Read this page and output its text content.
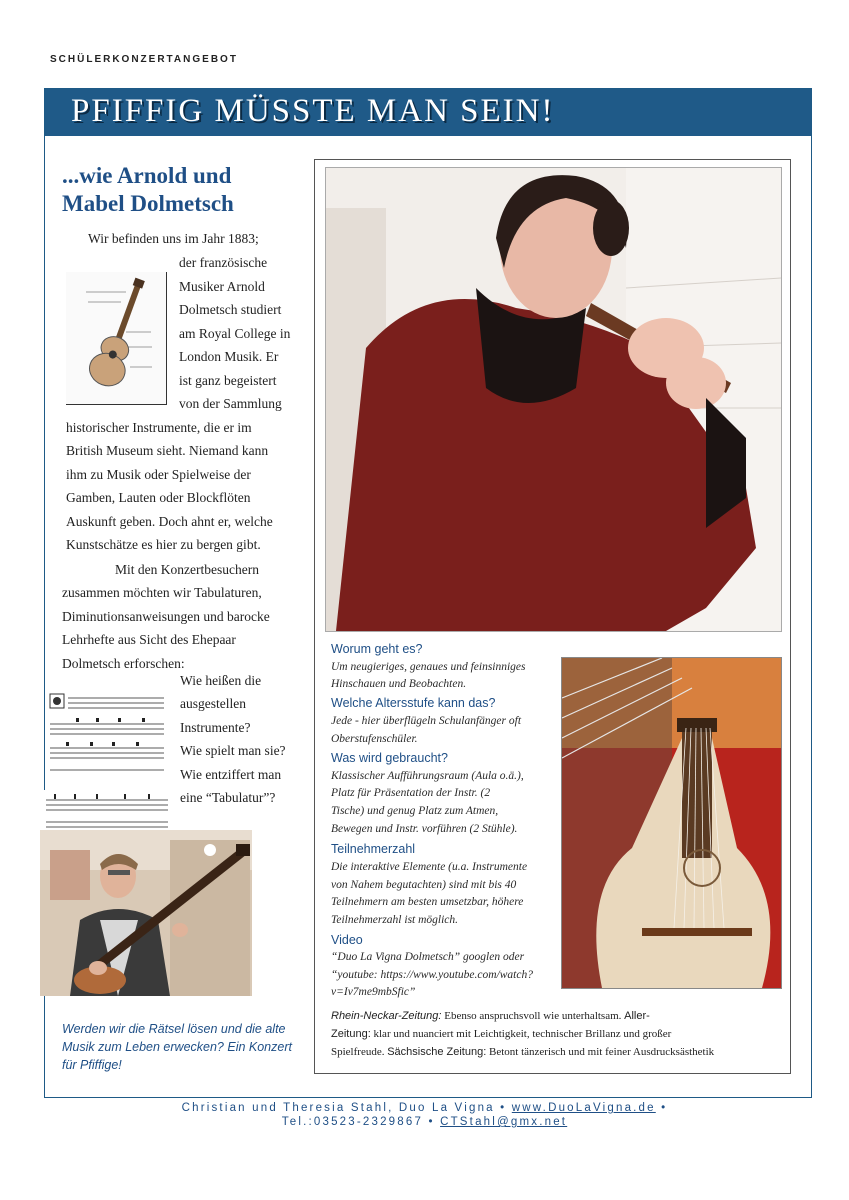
SCHÜLERKONZERTANGEBOT
PFIFFIG MÜSSTE MAN SEIN!
...wie Arnold und
Mabel Dolmetsch
Wir befinden uns im Jahr 1883;
der französische
Musiker Arnold
Dolmetsch studiert
am Royal College in
London Musik. Er
ist ganz begeistert
von der Sammlung
historischer Instrumente, die er im
British Museum sieht. Niemand kann
ihm zu Musik oder Spielweise der
Gamben, Lauten oder Blockflöten
Auskunft geben. Doch ahnt er, welche
Kunstschätze es hier zu bergen gibt.
Mit den Konzertbesuchern
zusammen möchten wir Tabulaturen,
Diminutionsanweisungen und barocke
Lehrhefte aus Sicht des Ehepaar
Dolmetsch erforschen:
Wie heißen die
ausgestellen
Instrumente?
Wie spielt man sie?
Wie entziffert man
eine “Tabulatur”?
Werden wir die Rätsel lösen und die alte Musik zum Leben erwecken? Ein Konzert für Pfiffige!
Worum geht es?
Um neugieriges, genaues und feinsinniges
Hinschauen und Beobachten.
Welche Altersstufe kann das?
Jede - hier überflügeln Schulanfänger oft
Oberstufenschüler.
Was wird gebraucht?
Klassischer Aufführungsraum (Aula o.ä.),
Platz für Präsentation der Instr. (2
Tische) und genug Platz zum Atmen,
Bewegen und Instr. vorführen (2 Stühle).
Teilnehmerzahl
Die interaktive Elemente (u.a. Instrumente
von Nahem begutachten) sind mit bis 40
Teilnehmern am besten umsetzbar, höhere
Teilnehmerzahl ist möglich.
Video
“Duo La Vigna Dolmetsch” googlen oder
“youtube: https://www.youtube.com/watch?
v=Iv7me9mbSfic”
Rhein-Neckar-Zeitung: Ebenso anspruchsvoll wie unterhaltsam. Aller-
Zeitung: klar und nuanciert mit Leichtigkeit, technischer Brillanz und großer
Spielfreude. Sächsische Zeitung: Betont tänzerisch und mit feiner Ausdrucksästhetik
Christian und Theresia Stahl, Duo La Vigna • www.DuoLaVigna.de •
Tel.:03523-2329867 • CTStahl@gmx.net
